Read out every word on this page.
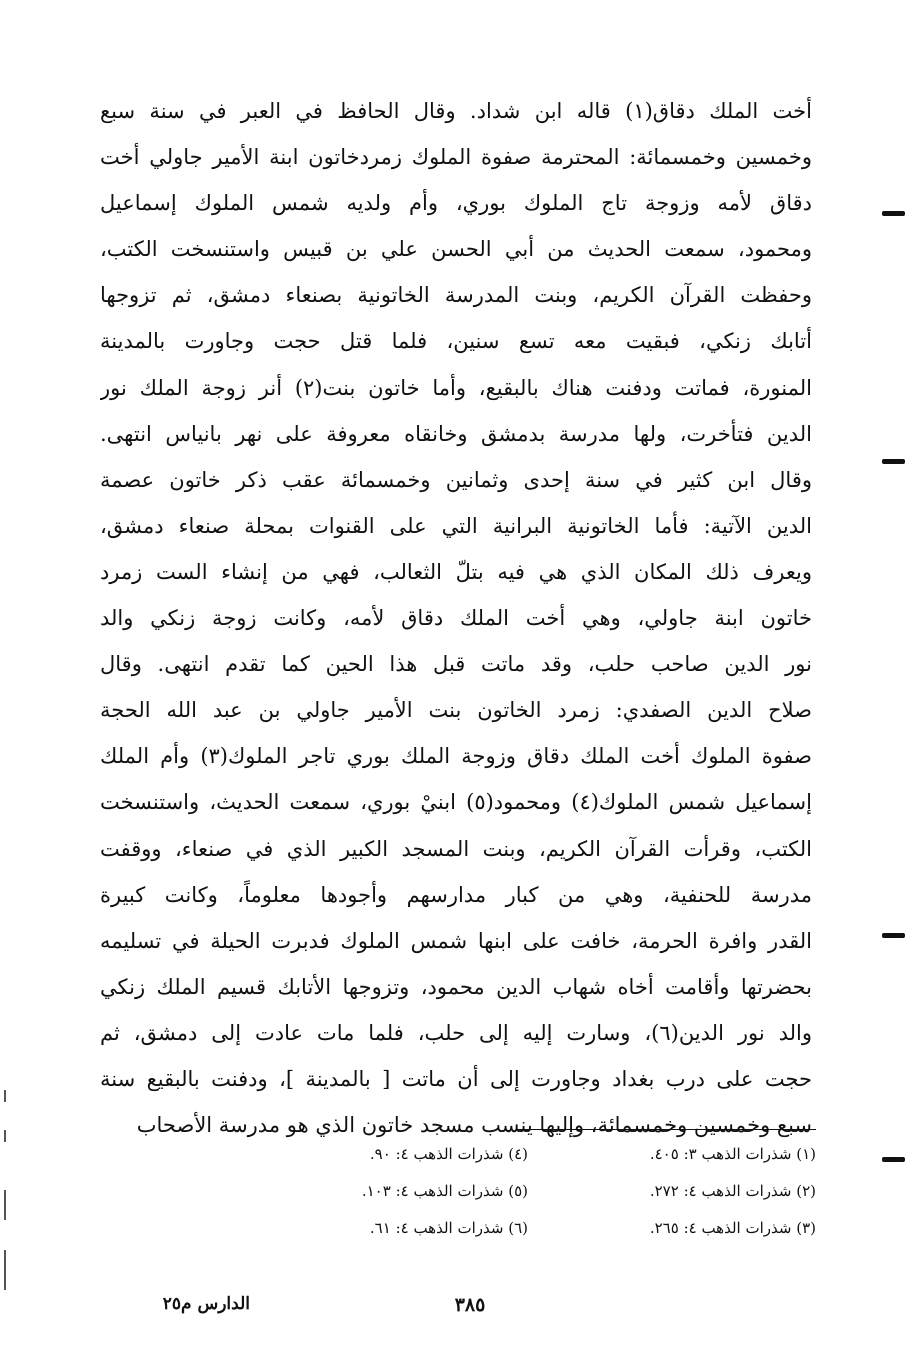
أخت الملك دقاق(١) قاله ابن شداد. وقال الحافظ في العبر في سنة سبع
وخمسين وخمسمائة: المحترمة صفوة الملوك زمردخاتون ابنة الأمير جاولي أخت
دقاق لأمه وزوجة تاج الملوك بوري، وأم ولديه شمس الملوك إسماعيل
ومحمود، سمعت الحديث من أبي الحسن علي بن قبيس واستنسخت الكتب،
وحفظت القرآن الكريم، وبنت المدرسة الخاتونية بصنعاء دمشق، ثم تزوجها
أتابك زنكي، فبقيت معه تسع سنين، فلما قتل حجت وجاورت بالمدينة
المنورة، فماتت ودفنت هناك بالبقيع، وأما خاتون بنت(٢) أنر زوجة الملك نور
الدين فتأخرت، ولها مدرسة بدمشق وخانقاه معروفة على نهر بانياس انتهى.
وقال ابن كثير في سنة إحدى وثمانين وخمسمائة عقب ذكر خاتون عصمة
الدين الآتية: فأما الخاتونية البرانية التي على القنوات بمحلة صنعاء دمشق،
ويعرف ذلك المكان الذي هي فيه بتلّ الثعالب، فهي من إنشاء الست زمرد
خاتون ابنة جاولي، وهي أخت الملك دقاق لأمه، وكانت زوجة زنكي والد
نور الدين صاحب حلب، وقد ماتت قبل هذا الحين كما تقدم انتهى. وقال
صلاح الدين الصفدي: زمرد الخاتون بنت الأمير جاولي بن عبد الله الحجة
صفوة الملوك أخت الملك دقاق وزوجة الملك بوري تاجر الملوك(٣) وأم الملك
إسماعيل شمس الملوك(٤) ومحمود(٥) ابنيْ بوري، سمعت الحديث، واستنسخت
الكتب، وقرأت القرآن الكريم، وبنت المسجد الكبير الذي في صنعاء، ووقفت
مدرسة للحنفية، وهي من كبار مدارسهم وأجودها معلوماً، وكانت كبيرة
القدر وافرة الحرمة، خافت على ابنها شمس الملوك فدبرت الحيلة في تسليمه
بحضرتها وأقامت أخاه شهاب الدين محمود، وتزوجها الأتابك قسيم الملك زنكي
والد نور الدين(٦)، وسارت إليه إلى حلب، فلما مات عادت إلى دمشق، ثم
حجت على درب بغداد وجاورت إلى أن ماتت [ بالمدينة ]، ودفنت بالبقيع سنة
سبع وخمسين وخمسمائة، وإليها ينسب مسجد خاتون الذي هو مدرسة الأصحاب
(١) شذرات الذهب ٣: ٤٠٥.
(٤) شذرات الذهب ٤: ٩٠.
(٢) شذرات الذهب ٤: ٢٧٢.
(٥) شذرات الذهب ٤: ١٠٣.
(٣) شذرات الذهب ٤: ٢٦٥.
(٦) شذرات الذهب ٤: ٦١.
٣٨٥
الدارس م٢٥
